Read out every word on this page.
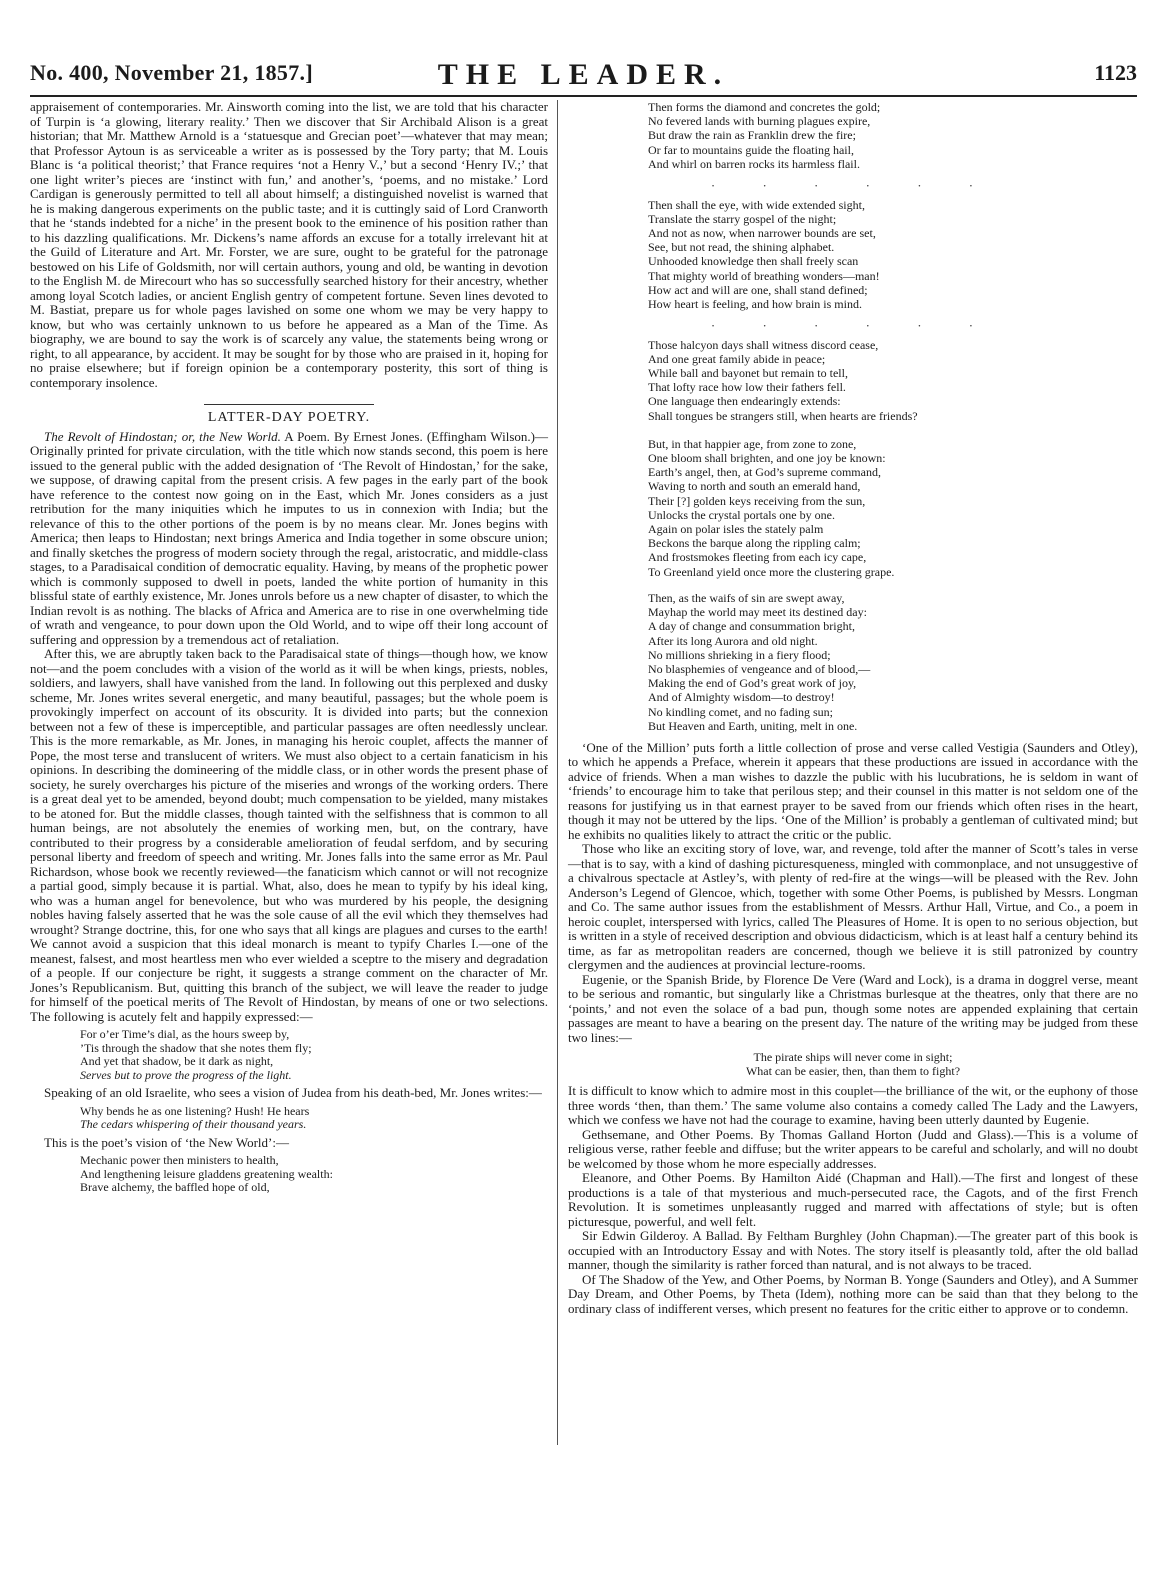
No. 400, November 21, 1857.]	THE LEADER.	1123

appraisement of contemporaries. Mr. Ainsworth coming into the list, we are told that his character of Turpin is ‘a glowing, literary reality.’ Then we discover that Sir Archibald Alison is a great historian; that Mr. Matthew Arnold is a ‘statuesque and Grecian poet’—whatever that may mean; that Professor Aytoun is as serviceable a writer as is possessed by the Tory party; that M. Louis Blanc is ‘a political theorist;’ that France requires ‘not a Henry V.,’ but a second ‘Henry IV.;’ that one light writer’s pieces are ‘instinct with fun,’ and another’s, ‘poems, and no mistake.’ Lord Cardigan is generously permitted to tell all about himself; a distinguished novelist is warned that he is making dangerous experiments on the public taste; and it is cuttingly said of Lord Cranworth that he ‘stands indebted for a niche’ in the present book to the eminence of his position rather than to his dazzling qualifications. Mr. Dickens’s name affords an excuse for a totally irrelevant hit at the Guild of Literature and Art. Mr. Forster, we are sure, ought to be grateful for the patronage bestowed on his Life of Goldsmith, nor will certain authors, young and old, be wanting in devotion to the English M. de Mirecourt who has so successfully searched history for their ancestry, whether among loyal Scotch ladies, or ancient English gentry of competent fortune. Seven lines devoted to M. Bastiat, prepare us for whole pages lavished on some one whom we may be very happy to know, but who was certainly unknown to us before he appeared as a Man of the Time. As biography, we are bound to say the work is of scarcely any value, the statements being wrong or right, to all appearance, by accident. It may be sought for by those who are praised in it, hoping for no praise elsewhere; but if foreign opinion be a contemporary posterity, this sort of thing is contemporary insolence.

LATTER-DAY POETRY.

The Revolt of Hindostan; or, the New World. A Poem. By Ernest Jones. (Effingham Wilson.)—Originally printed for private circulation, with the title which now stands second, this poem is here issued to the general public with the added designation of ‘The Revolt of Hindostan,’ for the sake, we suppose, of drawing capital from the present crisis. A few pages in the early part of the book have reference to the contest now going on in the East, which Mr. Jones considers as a just retribution for the many iniquities which he imputes to us in connexion with India; but the relevance of this to the other portions of the poem is by no means clear. Mr. Jones begins with America; then leaps to Hindostan; next brings America and India together in some obscure union; and finally sketches the progress of modern society through the regal, aristocratic, and middle-class stages, to a Paradisaical condition of democratic equality. Having, by means of the prophetic power which is commonly supposed to dwell in poets, landed the white portion of humanity in this blissful state of earthly existence, Mr. Jones unrols before us a new chapter of disaster, to which the Indian revolt is as nothing. The blacks of Africa and America are to rise in one overwhelming tide of wrath and vengeance, to pour down upon the Old World, and to wipe off their long account of suffering and oppression by a tremendous act of retaliation.

After this, we are abruptly taken back to the Paradisaical state of things—though how, we know not—and the poem concludes with a vision of the world as it will be when kings, priests, nobles, soldiers, and lawyers, shall have vanished from the land. In following out this perplexed and dusky scheme, Mr. Jones writes several energetic, and many beautiful, passages; but the whole poem is provokingly imperfect on account of its obscurity. It is divided into parts; but the connexion between not a few of these is imperceptible, and particular passages are often needlessly unclear. This is the more remarkable, as Mr. Jones, in managing his heroic couplet, affects the manner of Pope, the most terse and translucent of writers. We must also object to a certain fanaticism in his opinions. In describing the domineering of the middle class, or in other words the present phase of society, he surely overcharges his picture of the miseries and wrongs of the working orders. There is a great deal yet to be amended, beyond doubt; much compensation to be yielded, many mistakes to be atoned for. But the middle classes, though tainted with the selfishness that is common to all human beings, are not absolutely the enemies of working men, but, on the contrary, have contributed to their progress by a considerable amelioration of feudal serfdom, and by securing personal liberty and freedom of speech and writing. Mr. Jones falls into the same error as Mr. Paul Richardson, whose book we recently reviewed—the fanaticism which cannot or will not recognize a partial good, simply because it is partial. What, also, does he mean to typify by his ideal king, who was a human angel for benevolence, but who was murdered by his people, the designing nobles having falsely asserted that he was the sole cause of all the evil which they themselves had wrought? Strange doctrine, this, for one who says that all kings are plagues and curses to the earth! We cannot avoid a suspicion that this ideal monarch is meant to typify Charles I.—one of the meanest, falsest, and most heartless men who ever wielded a sceptre to the misery and degradation of a people. If our conjecture be right, it suggests a strange comment on the character of Mr. Jones’s Republicanism. But, quitting this branch of the subject, we will leave the reader to judge for himself of the poetical merits of The Revolt of Hindostan, by means of one or two selections. The following is acutely felt and happily expressed:—

For o’er Time’s dial, as the hours sweep by,
’Tis through the shadow that she notes them fly;
And yet that shadow, be it dark as night,
Serves but to prove the progress of the light.

Speaking of an old Israelite, who sees a vision of Judea from his death-bed, Mr. Jones writes:—

Why bends he as one listening? Hush! He hears
The cedars whispering of their thousand years.

This is the poet’s vision of ‘the New World’:—

Mechanic power then ministers to health,
And lengthening leisure gladdens greatening wealth:
Brave alchemy, the baffled hope of old,
Then forms the diamond and concretes the gold;
No fevered lands with burning plagues expire,
But draw the rain as Franklin drew the fire;
Or far to mountains guide the floating hail,
And whirl on barren rocks its harmless flail.
· · · · · ·
Then shall the eye, with wide extended sight,
Translate the starry gospel of the night;
And not as now, when narrower bounds are set,
See, but not read, the shining alphabet.
Unhooded knowledge then shall freely scan
That mighty world of breathing wonders—man!
How act and will are one, shall stand defined;
How heart is feeling, and how brain is mind.
· · · · · ·
Those halcyon days shall witness discord cease,
And one great family abide in peace;
While ball and bayonet but remain to tell,
That lofty race how low their fathers fell.
One language then endearingly extends:
Shall tongues be strangers still, when hearts are friends?
But, in that happier age, from zone to zone,
One bloom shall brighten, and one joy be known:
Earth’s angel, then, at God’s supreme command,
Waving to north and south an emerald hand,
Their [?] golden keys receiving from the sun,
Unlocks the crystal portals one by one.
Again on polar isles the stately palm
Beckons the barque along the rippling calm;
And frostsmokes fleeting from each icy cape,
To Greenland yield once more the clustering grape.
Then, as the waifs of sin are swept away,
Mayhap the world may meet its destined day:
A day of change and consummation bright,
After its long Aurora and old night.
No millions shrieking in a fiery flood;
No blasphemies of vengeance and of blood,—
Making the end of God’s great work of joy,
And of Almighty wisdom—to destroy!
No kindling comet, and no fading sun;
But Heaven and Earth, uniting, melt in one.

‘One of the Million’ puts forth a little collection of prose and verse called Vestigia (Saunders and Otley), to which he appends a Preface, wherein it appears that these productions are issued in accordance with the advice of friends. When a man wishes to dazzle the public with his lucubrations, he is seldom in want of ‘friends’ to encourage him to take that perilous step; and their counsel in this matter is not seldom one of the reasons for justifying us in that earnest prayer to be saved from our friends which often rises in the heart, though it may not be uttered by the lips. ‘One of the Million’ is probably a gentleman of cultivated mind; but he exhibits no qualities likely to attract the critic or the public.

Those who like an exciting story of love, war, and revenge, told after the manner of Scott’s tales in verse—that is to say, with a kind of dashing picturesqueness, mingled with commonplace, and not unsuggestive of a chivalrous spectacle at Astley’s, with plenty of red-fire at the wings—will be pleased with the Rev. John Anderson’s Legend of Glencoe, which, together with some Other Poems, is published by Messrs. Longman and Co. The same author issues from the establishment of Messrs. Arthur Hall, Virtue, and Co., a poem in heroic couplet, interspersed with lyrics, called The Pleasures of Home. It is open to no serious objection, but is written in a style of received description and obvious didacticism, which is at least half a century behind its time, as far as metropolitan readers are concerned, though we believe it is still patronized by country clergymen and the audiences at provincial lecture-rooms.

Eugenie, or the Spanish Bride, by Florence De Vere (Ward and Lock), is a drama in doggrel verse, meant to be serious and romantic, but singularly like a Christmas burlesque at the theatres, only that there are no ‘points,’ and not even the solace of a bad pun, though some notes are appended explaining that certain passages are meant to have a bearing on the present day. The nature of the writing may be judged from these two lines:—

The pirate ships will never come in sight;
What can be easier, then, than them to fight?

It is difficult to know which to admire most in this couplet—the brilliance of the wit, or the euphony of those three words ‘then, than them.’ The same volume also contains a comedy called The Lady and the Lawyers, which we confess we have not had the courage to examine, having been utterly daunted by Eugenie.

Gethsemane, and Other Poems. By Thomas Galland Horton (Judd and Glass).—This is a volume of religious verse, rather feeble and diffuse; but the writer appears to be careful and scholarly, and will no doubt be welcomed by those whom he more especially addresses.

Eleanore, and Other Poems. By Hamilton Aidé (Chapman and Hall).—The first and longest of these productions is a tale of that mysterious and much-persecuted race, the Cagots, and of the first French Revolution. It is sometimes unpleasantly rugged and marred with affectations of style; but is often picturesque, powerful, and well felt.

Sir Edwin Gilderoy. A Ballad. By Feltham Burghley (John Chapman).—The greater part of this book is occupied with an Introductory Essay and with Notes. The story itself is pleasantly told, after the old ballad manner, though the similarity is rather forced than natural, and is not always to be traced.

Of The Shadow of the Yew, and Other Poems, by Norman B. Yonge (Saunders and Otley), and A Summer Day Dream, and Other Poems, by Theta (Idem), nothing more can be said than that they belong to the ordinary class of indifferent verses, which present no features for the critic either to approve or to condemn.
